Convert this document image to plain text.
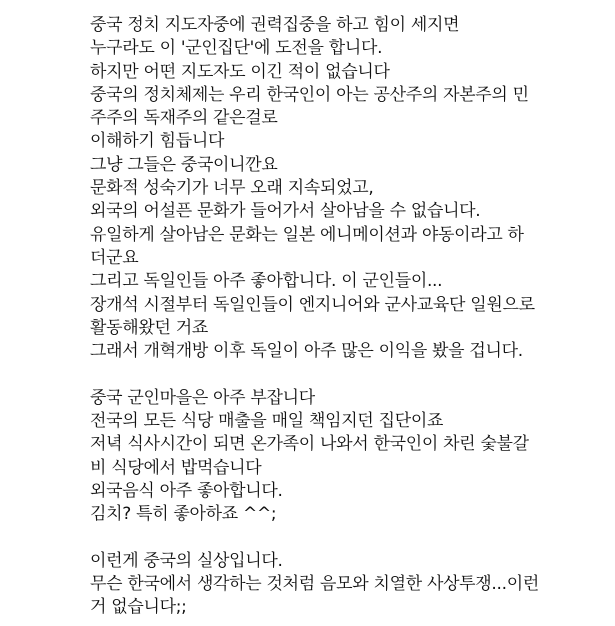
중국 정치 지도자중에 권력집중을 하고 힘이 세지면
누구라도 이 '군인집단'에 도전을 합니다.
하지만 어떤 지도자도 이긴 적이 없습니다
중국의 정치체제는 우리 한국인이 아는 공산주의 자본주의 민
주주의 독재주의 같은걸로
이해하기 힘듭니다
그냥 그들은 중국이니깐요
문화적 성숙기가 너무 오래 지속되었고,
외국의 어설픈 문화가 들어가서 살아남을 수 없습니다.
유일하게 살아남은 문화는 일본 에니메이션과 야동이라고 하
더군요
그리고 독일인들 아주 좋아합니다. 이 군인들이...
장개석 시절부터 독일인들이 엔지니어와 군사교육단 일원으로
활동해왔던 거죠
그래서 개혁개방 이후 독일이 아주 많은 이익을 봤을 겁니다.
중국 군인마을은 아주 부잡니다
전국의 모든 식당 매출을 매일 책임지던 집단이죠
저녁 식사시간이 되면 온가족이 나와서 한국인이 차린 숯불갈
비 식당에서 밥먹습니다
외국음식 아주 좋아합니다.
김치? 특히 좋아하죠 ^^;
이런게 중국의 실상입니다.
무슨 한국에서 생각하는 것처럼 음모와 치열한 사상투쟁...이런
거 없습니다;;
